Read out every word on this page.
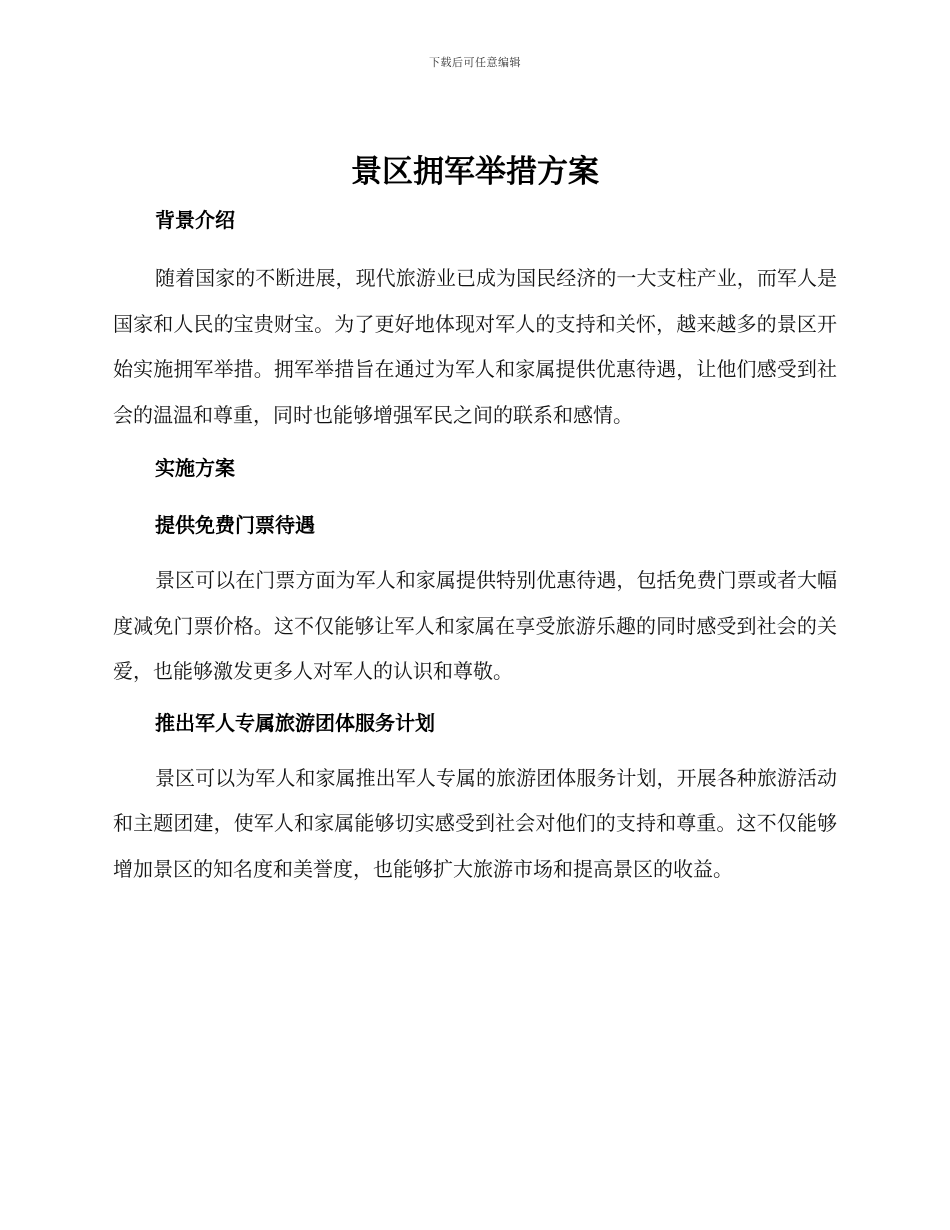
下载后可任意编辑
景区拥军举措方案
背景介绍

随着国家的不断进展，现代旅游业已成为国民经济的一大支柱产业，而军人是国家和人民的宝贵财宝。为了更好地体现对军人的支持和关怀，越来越多的景区开始实施拥军举措。拥军举措旨在通过为军人和家属提供优惠待遇，让他们感受到社会的温温和尊重，同时也能够增强军民之间的联系和感情。

实施方案
提供免费门票待遇

景区可以在门票方面为军人和家属提供特别优惠待遇，包括免费门票或者大幅度减免门票价格。这不仅能够让军人和家属在享受旅游乐趣的同时感受到社会的关爱，也能够激发更多人对军人的认识和尊敬。

推出军人专属旅游团体服务计划

景区可以为军人和家属推出军人专属的旅游团体服务计划，开展各种旅游活动和主题团建，使军人和家属能够切实感受到社会对他们的支持和尊重。这不仅能够增加景区的知名度和美誉度，也能够扩大旅游市场和提高景区的收益。
